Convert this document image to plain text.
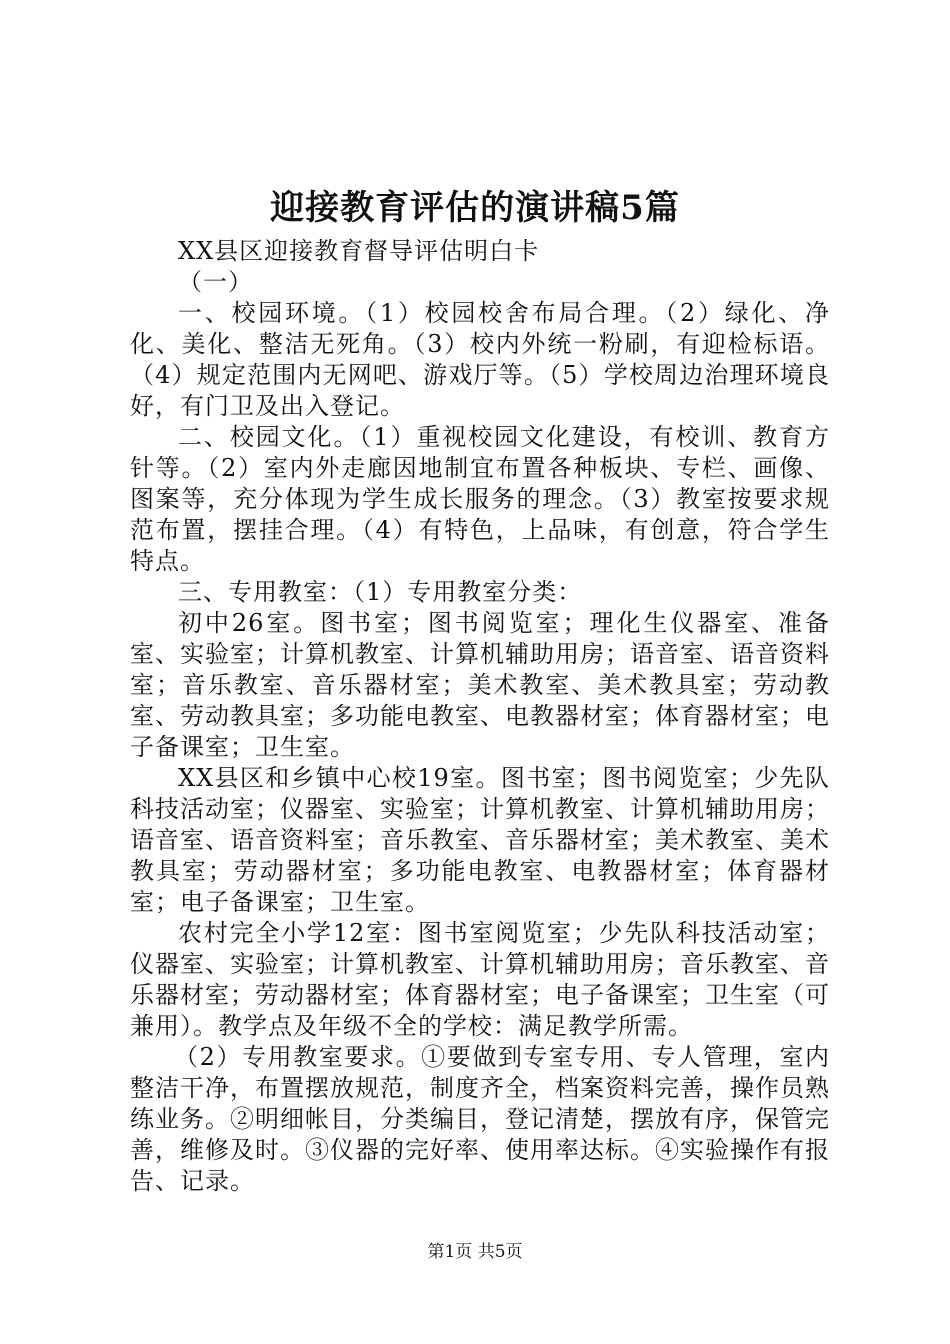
迎接教育评估的演讲稿5篇

XX县区迎接教育督导评估明白卡

（一）

一、校园环境。（1）校园校舍布局合理。（2）绿化、净化、美化、整洁无死角。（3）校内外统一粉刷，有迎检标语。（4）规定范围内无网吧、游戏厅等。（5）学校周边治理环境良好，有门卫及出入登记。

二、校园文化。（1）重视校园文化建设，有校训、教育方针等。（2）室内外走廊因地制宜布置各种板块、专栏、画像、图案等，充分体现为学生成长服务的理念。（3）教室按要求规范布置，摆挂合理。（4）有特色，上品味，有创意，符合学生特点。

三、专用教室：（1）专用教室分类：

初中26室。图书室；图书阅览室；理化生仪器室、准备室、实验室；计算机教室、计算机辅助用房；语音室、语音资料室；音乐教室、音乐器材室；美术教室、美术教具室；劳动教室、劳动教具室；多功能电教室、电教器材室；体育器材室；电子备课室；卫生室。

XX县区和乡镇中心校19室。图书室；图书阅览室；少先队科技活动室；仪器室、实验室；计算机教室、计算机辅助用房；语音室、语音资料室；音乐教室、音乐器材室；美术教室、美术教具室；劳动器材室；多功能电教室、电教器材室；体育器材室；电子备课室；卫生室。

农村完全小学12室：图书室阅览室；少先队科技活动室；仪器室、实验室；计算机教室、计算机辅助用房；音乐教室、音乐器材室；劳动器材室；体育器材室；电子备课室；卫生室（可兼用）。教学点及年级不全的学校：满足教学所需。

（2）专用教室要求。①要做到专室专用、专人管理，室内整洁干净，布置摆放规范，制度齐全，档案资料完善，操作员熟练业务。②明细帐目，分类编目，登记清楚，摆放有序，保管完善，维修及时。③仪器的完好率、使用率达标。④实验操作有报告、记录。

第1页 共5页
